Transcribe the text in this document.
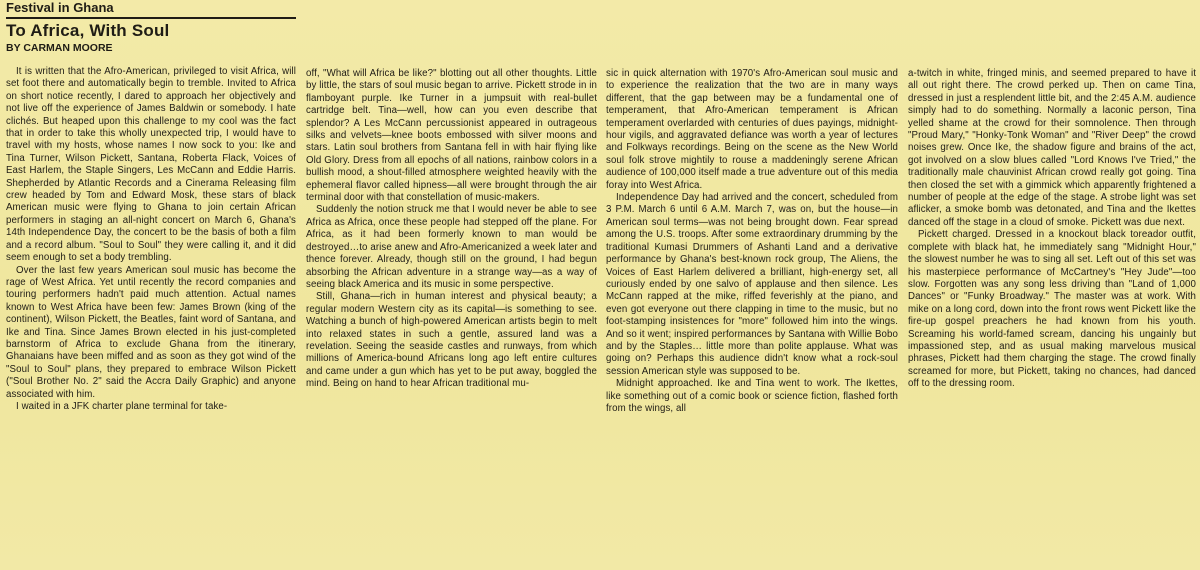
Festival in Ghana
To Africa, With Soul
BY CARMAN MOORE

It is written that the Afro-American, privileged to visit Africa, will set foot there and automatically begin to tremble. Invited to Africa on short notice recently, I dared to approach her objectively and not live off the experience of James Baldwin or somebody. I hate clichés. But heaped upon this challenge to my cool was the fact that in order to take this wholly unexpected trip, I would have to travel with my hosts, whose names I now sock to you: Ike and Tina Turner, Wilson Pickett, Santana, Roberta Flack, Voices of East Harlem, the Staple Singers, Les McCann and Eddie Harris. Shepherded by Atlantic Records and a Cinerama Releasing film crew headed by Tom and Edward Mosk, these stars of black American music were flying to Ghana to join certain African performers in staging an all-night concert on March 6, Ghana's 14th Independence Day, the concert to be the basis of both a film and a record album. "Soul to Soul" they were calling it, and it did seem enough to set a body trembling.

Over the last few years American soul music has become the rage of West Africa. Yet until recently the record companies and touring performers hadn't paid much attention. Actual names known to West Africa have been few: James Brown (king of the continent), Wilson Pickett, the Beatles, faint word of Santana, and Ike and Tina. Since James Brown elected in his just-completed barnstorm of Africa to exclude Ghana from the itinerary, Ghanaians have been miffed and as soon as they got wind of the "Soul to Soul" plans, they prepared to embrace Wilson Pickett ("Soul Brother No. 2" said the Accra Daily Graphic) and anyone associated with him.

I waited in a JFK charter plane terminal for take-

off, "What will Africa be like?" blotting out all other thoughts. Little by little, the stars of soul music began to arrive. Pickett strode in in flamboyant purple. Ike Turner in a jumpsuit with real-bullet cartridge belt. Tina—well, how can you even describe that splendor? A Les McCann percussionist appeared in outrageous silks and velvets—knee boots embossed with silver moons and stars. Latin soul brothers from Santana fell in with hair flying like Old Glory. Dress from all epochs of all nations, rainbow colors in a bullish mood, a shout-filled atmosphere weighted heavily with the ephemeral flavor called hipness—all were brought through the air terminal door with that constellation of music-makers.

Suddenly the notion struck me that I would never be able to see Africa as Africa, once these people had stepped off the plane. For Africa, as it had been formerly known to man would be destroyed…to arise anew and Afro-Americanized a week later and thence forever. Already, though still on the ground, I had begun absorbing the African adventure in a strange way—as a way of seeing black America and its music in some perspective.

Still, Ghana—rich in human interest and physical beauty; a regular modern Western city as its capital—is something to see. Watching a bunch of high-powered American artists begin to melt into relaxed states in such a gentle, assured land was a revelation. Seeing the seaside castles and runways, from which millions of America-bound Africans long ago left entire cultures and came under a gun which has yet to be put away, boggled the mind. Being on hand to hear African traditional mu-

sic in quick alternation with 1970's Afro-American soul music and to experience the realization that the two are in many ways different, that the gap between may be a fundamental one of temperament, that Afro-American temperament is African temperament overlarded with centuries of dues payings, midnight-hour vigils, and aggravated defiance was worth a year of lectures and Folkways recordings. Being on the scene as the New World soul folk strove mightily to rouse a maddeningly serene African audience of 100,000 itself made a true adventure out of this media foray into West Africa.

Independence Day had arrived and the concert, scheduled from 3 P.M. March 6 until 6 A.M. March 7, was on, but the house—in American soul terms—was not being brought down. Fear spread among the U.S. troops. After some extraordinary drumming by the traditional Kumasi Drummers of Ashanti Land and a derivative performance by Ghana's best-known rock group, The Aliens, the Voices of East Harlem delivered a brilliant, high-energy set, all curiously ended by one salvo of applause and then silence. Les McCann rapped at the mike, riffed feverishly at the piano, and even got everyone out there clapping in time to the music, but no foot-stamping insistences for "more" followed him into the wings. And so it went; inspired performances by Santana with Willie Bobo and by the Staples… little more than polite applause. What was going on? Perhaps this audience didn't know what a rock-soul session American style was supposed to be.

Midnight approached. Ike and Tina went to work. The Ikettes, like something out of a comic book or science fiction, flashed forth from the wings, all

a-twitch in white, fringed minis, and seemed prepared to have it all out right there. The crowd perked up. Then on came Tina, dressed in just a resplendent little bit, and the 2:45 A.M. audience simply had to do something. Normally a laconic person, Tina yelled shame at the crowd for their somnolence. Then through "Proud Mary," "Honky-Tonk Woman" and "River Deep" the crowd noises grew. Once Ike, the shadow figure and brains of the act, got involved on a slow blues called "Lord Knows I've Tried," the traditionally male chauvinist African crowd really got going. Tina then closed the set with a gimmick which apparently frightened a number of people at the edge of the stage. A strobe light was set aflicker, a smoke bomb was detonated, and Tina and the Ikettes danced off the stage in a cloud of smoke. Pickett was due next.

Pickett charged. Dressed in a knockout black toreador outfit, complete with black hat, he immediately sang "Midnight Hour," the slowest number he was to sing all set. Left out of this set was his masterpiece performance of McCartney's "Hey Jude"—too slow. Forgotten was any song less driving than "Land of 1,000 Dances" or "Funky Broadway." The master was at work. With mike on a long cord, down into the front rows went Pickett like the fire-up gospel preachers he had known from his youth. Screaming his world-famed scream, dancing his ungainly but impassioned step, and as usual making marvelous musical phrases, Pickett had them charging the stage. The crowd finally screamed for more, but Pickett, taking no chances, had danced off to the dressing room.
